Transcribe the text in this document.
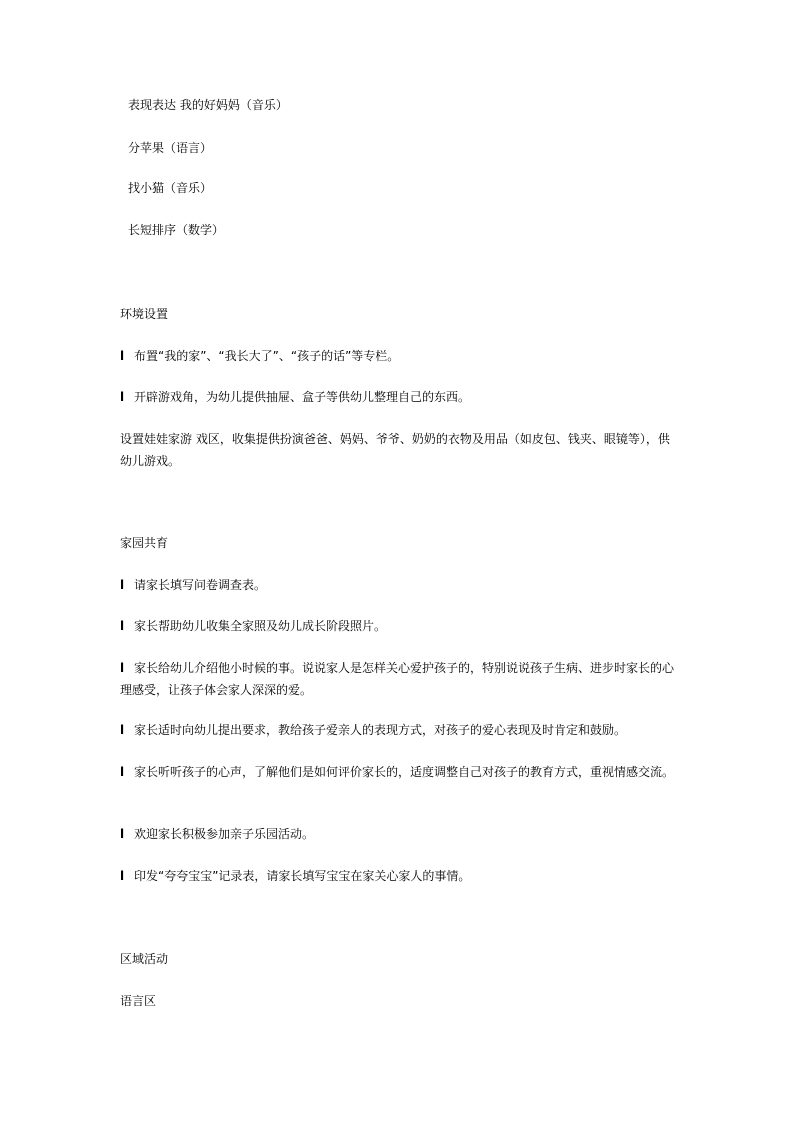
表现表达 我的好妈妈（音乐）
分苹果（语言）
找小猫（音乐）
长短排序（数学）
环境设置
l 布置“我的家”、“我长大了”、“孩子的话”等专栏。
l 开辟游戏角，为幼儿提供抽屉、盒子等供幼儿整理自己的东西。
设置娃娃家游 戏区，收集提供扮演爸爸、妈妈、爷爷、奶奶的衣物及用品（如皮包、钱夹、眼镜等），供幼儿游戏。
家园共育
l 请家长填写问卷调查表。
l 家长帮助幼儿收集全家照及幼儿成长阶段照片。
l 家长给幼儿介绍他小时候的事。说说家人是怎样关心爱护孩子的，特别说说孩子生病、进步时家长的心理感受，让孩子体会家人深深的爱。
l 家长适时向幼儿提出要求，教给孩子爱亲人的表现方式，对孩子的爱心表现及时肯定和鼓励。
l 家长听听孩子的心声，了解他们是如何评价家长的，适度调整自己对孩子的教育方式，重视情感交流。
l 欢迎家长积极参加亲子乐园活动。
l 印发“夸夸宝宝”记录表，请家长填写宝宝在家关心家人的事情。
区域活动
语言区
